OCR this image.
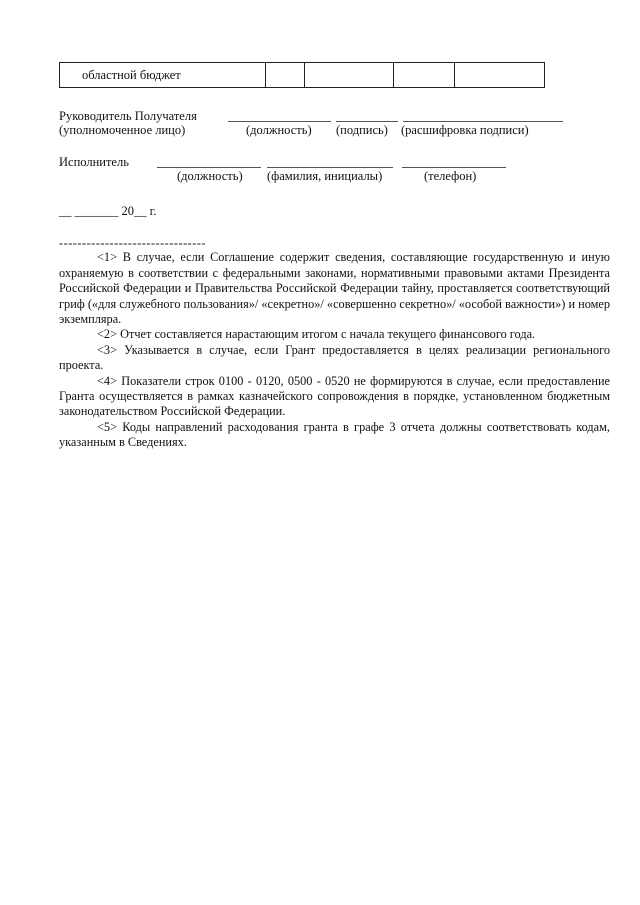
областной бюджет
Руководитель Получателя
(уполномоченное лицо)	(должность) (подпись) (расшифровка подписи)
Исполнитель
(должность) (фамилия, инициалы)	(телефон)
__ _______ 20__ г.

--------------------------------

<1> В случае, если Соглашение содержит сведения, составляющие государственную и иную охраняемую в соответствии с федеральными законами, нормативными правовыми актами Президента Российской Федерации и Правительства Российской Федерации тайну, проставляется соответствующий гриф («для служебного пользования»/ «секретно»/ «совершенно секретно»/ «особой важности») и номер экземпляра.

<2> Отчет составляется нарастающим итогом с начала текущего финансового года.

<3> Указывается в случае, если Грант предоставляется в целях реализации регионального проекта.

<4> Показатели строк 0100 - 0120, 0500 - 0520 не формируются в случае, если предоставление Гранта осуществляется в рамках казначейского сопровождения в порядке, установленном бюджетным законодательством Российской Федерации.

<5> Коды направлений расходования гранта в графе 3 отчета должны соответствовать кодам, указанным в Сведениях.
